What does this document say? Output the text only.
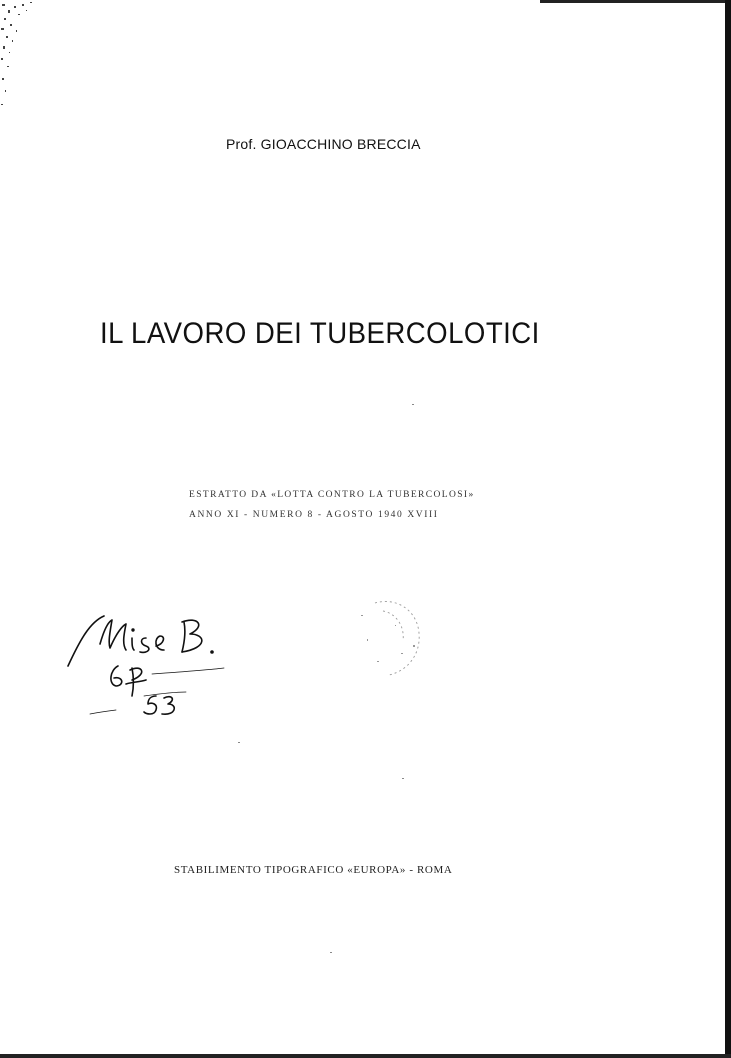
Prof. GIOACCHINO BRECCIA
IL LAVORO DEI TUBERCOLOTICI
ESTRATTO DA «LOTTA CONTRO LA TUBERCOLOSI»
ANNO XI - NUMERO 8 - AGOSTO 1940 XVIII
STABILIMENTO TIPOGRAFICO «EUROPA» - ROMA
